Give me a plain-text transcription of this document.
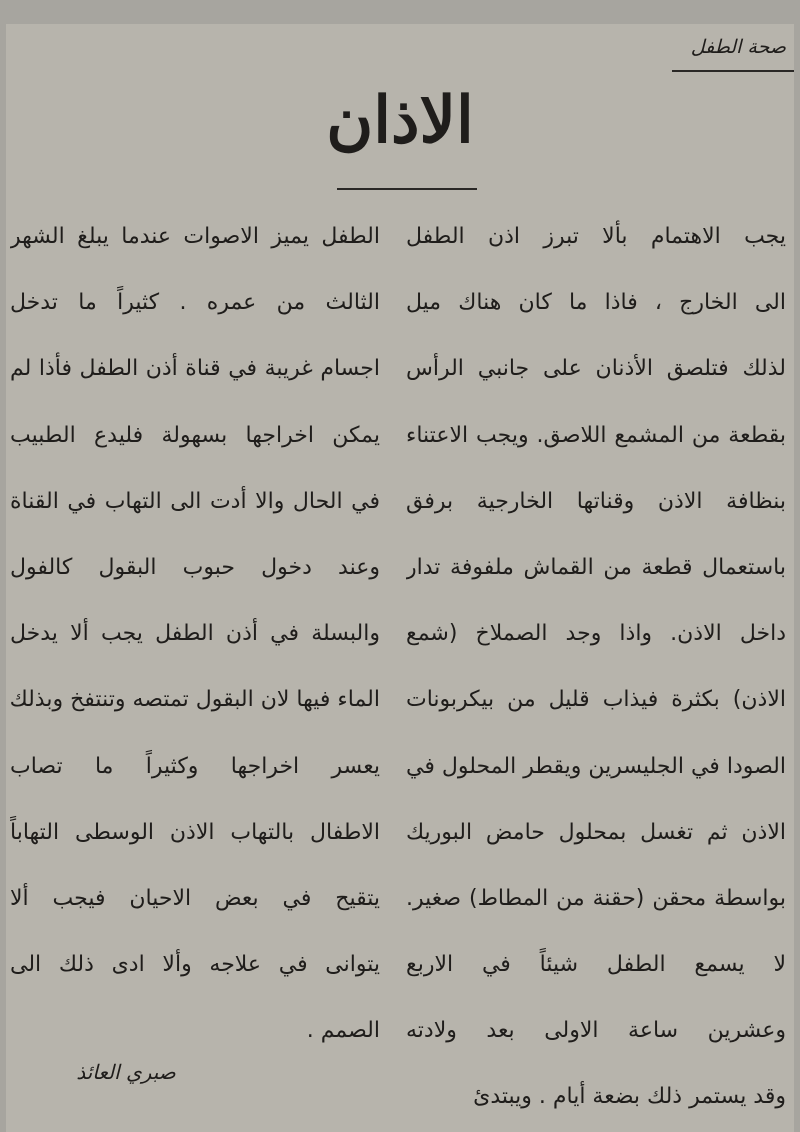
صحة الطفل
الاذان
يجب الاهتمام بألا تبرز اذن الطفل
الى الخارج ، فاذا ما كان هناك ميل
لذلك فتلصق الأذنان على جانبي الرأس
بقطعة من المشمع اللاصق. ويجب الاعتناء
بنظافة الاذن وقناتها الخارجية برفق
باستعمال قطعة من القماش ملفوفة تدار
داخل الاذن. واذا وجد الصملاخ (شمع
الاذن) بكثرة فيذاب قليل من بيكربونات
الصودا في الجليسرين ويقطر المحلول في
الاذن ثم تغسل بمحلول حامض البوريك
بواسطة محقن (حقنة من المطاط) صغير.
لا يسمع الطفل شيئاً في الاربع
وعشرين ساعة الاولى بعد ولادته
وقد يستمر ذلك بضعة أيام . ويبتدئ
الطفل يميز الاصوات عندما يبلغ الشهر
الثالث من عمره . كثيراً ما تدخل
اجسام غريبة في قناة أذن الطفل فأذا لم
يمكن اخراجها بسهولة فليدع الطبيب
في الحال والا أدت الى التهاب في القناة
وعند دخول حبوب البقول كالفول
والبسلة في أذن الطفل يجب ألا يدخل
الماء فيها لان البقول تمتصه وتنتفخ وبذلك
يعسر اخراجها وكثيراً ما تصاب
الاطفال بالتهاب الاذن الوسطى التهاباً
يتقيح في بعض الاحيان فيجب ألا
يتوانى في علاجه وألا ادى ذلك الى
الصمم .
صبري العائذ
